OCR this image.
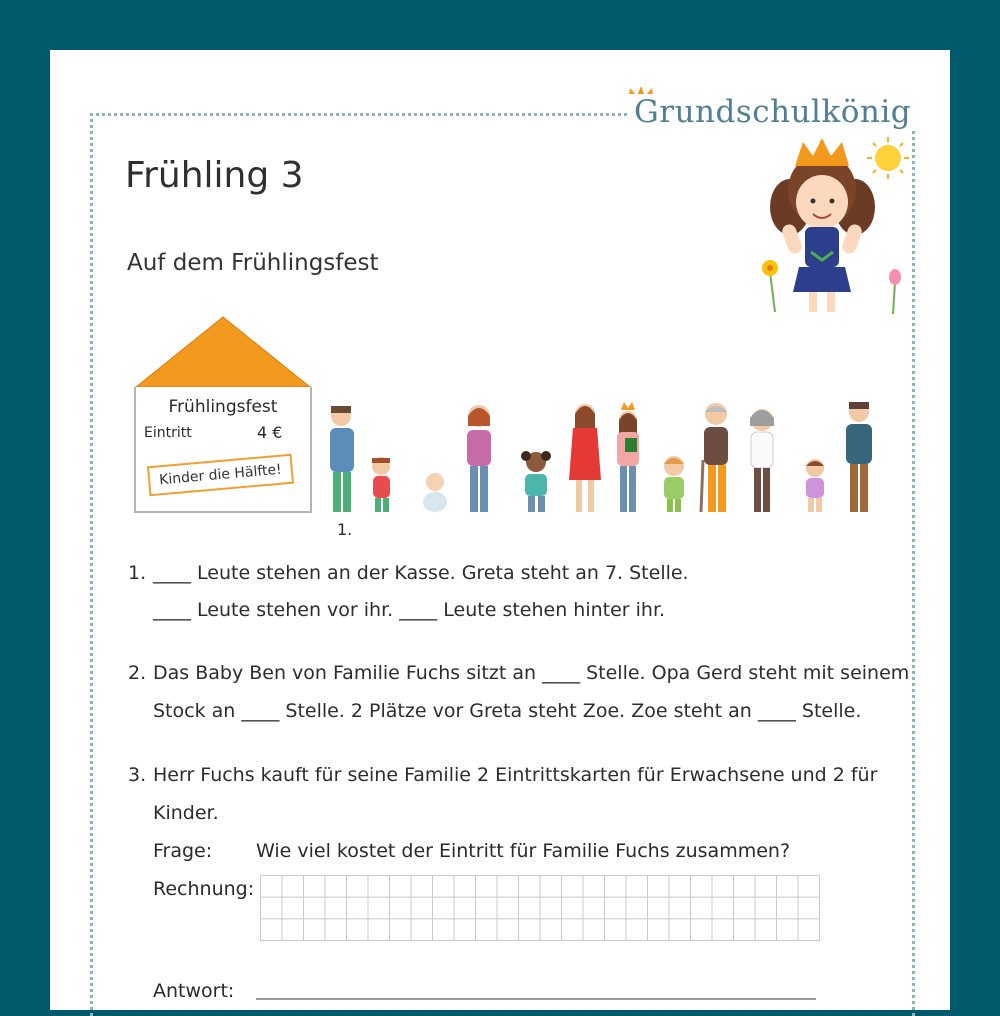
Grundschulkönig
Frühling 3
Auf dem Frühlingsfest
Frühlingsfest
Eintritt	4 €
Kinder die Hälfte!
1.
1. ____ Leute stehen an der Kasse. Greta steht an 7. Stelle.
____ Leute stehen vor ihr. ____ Leute stehen hinter ihr.
2. Das Baby Ben von Familie Fuchs sitzt an ____ Stelle. Opa Gerd steht mit seinem
Stock an ____ Stelle. 2 Plätze vor Greta steht Zoe. Zoe steht an ____ Stelle.
3. Herr Fuchs kauft für seine Familie 2 Eintrittskarten für Erwachsene und 2 für
Kinder.
Frage: Wie viel kostet der Eintritt für Familie Fuchs zusammen?
Rechnung:
Antwort:
